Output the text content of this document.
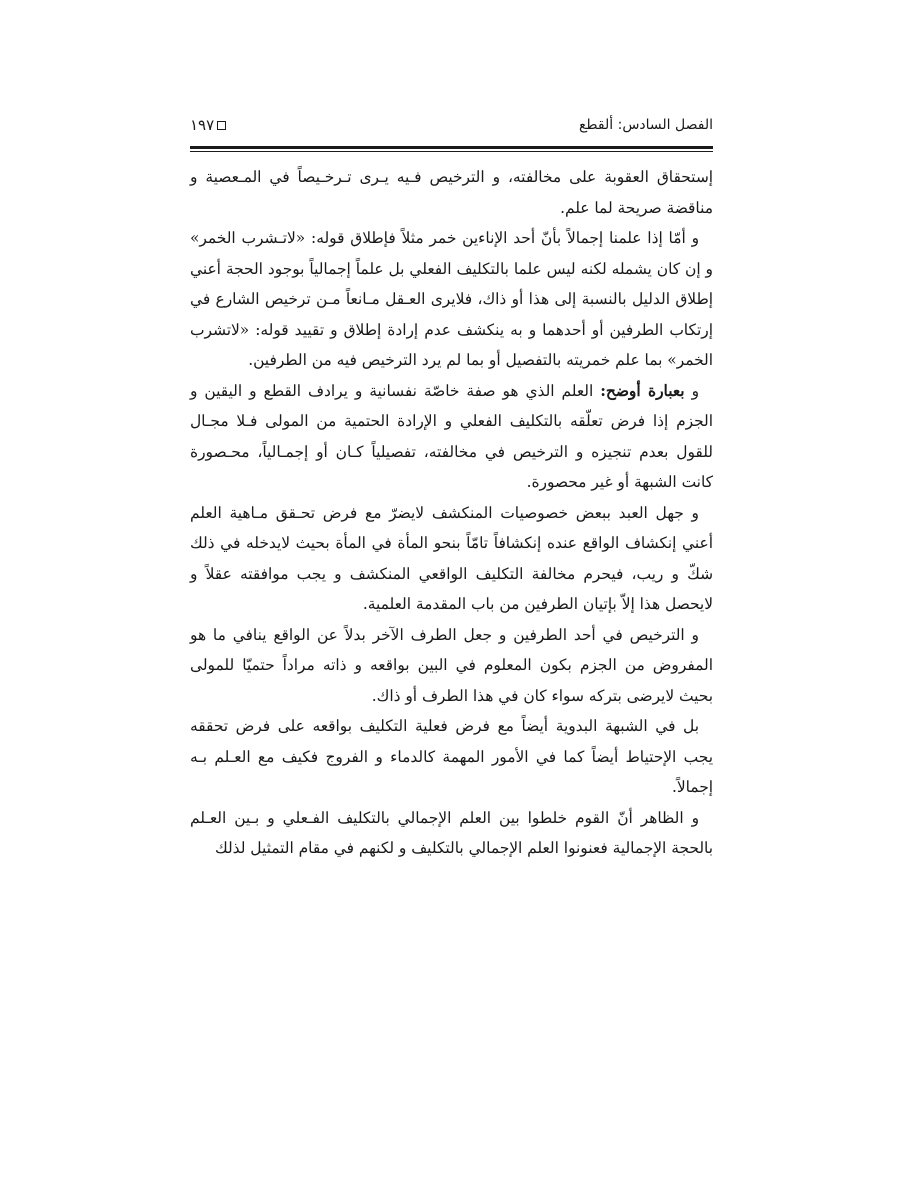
١٩٧	الفصل السادس: ألقطع

إستحقاق العقوبة على مخالفته، و الترخيص فـيه يـرى تـرخـيصاً في المـعصية و مناقضة صريحة لما علم.

و أمّا إذا علمنا إجمالاً بأنّ أحد الإناءين خمر مثلاً فإطلاق قوله: «لاتـشرب الخمر» و إن كان يشمله لكنه ليس علما بالتكليف الفعلي بل علماً إجمالياً بوجود الحجة أعني إطلاق الدليل بالنسبة إلى هذا أو ذاك، فلايرى العـقل مـانعاً مـن ترخيص الشارع في إرتكاب الطرفين أو أحدهما و به ينكشف عدم إرادة إطلاق و تقييد قوله: «لاتشرب الخمر» بما علم خمريته بالتفصيل أو بما لم يرد الترخيص فيه من الطرفين.

و بعبارة أوضح: العلم الذي هو صفة خاصّة نفسانية و يرادف القطع و اليقين و الجزم إذا فرض تعلّقه بالتكليف الفعلي و الإرادة الحتمية من المولى فـلا مجـال للقول بعدم تنجيزه و الترخيص في مخالفته، تفصيلياً كـان أو إجمـالياً، محـصورة كانت الشبهة أو غير محصورة.

و جهل العبد ببعض خصوصيات المنكشف لايضرّ مع فرض تحـقق مـاهية العلم أعني إنكشاف الواقع عنده إنكشافاً تامّاً بنحو المأة في المأة بحيث لايدخله في ذلك شكّ و ريب، فيحرم مخالفة التكليف الواقعي المنكشف و يجب موافقته عقلاً و لايحصل هذا إلاّ بإتيان الطرفين من باب المقدمة العلمية.

و الترخيص في أحد الطرفين و جعل الطرف الآخر بدلاً عن الواقع ينافي ما هو المفروض من الجزم بكون المعلوم في البين بواقعه و ذاته مراداً حتميّا للمولى بحيث لايرضى بتركه سواء كان في هذا الطرف أو ذاك.

بل في الشبهة البدوية أيضاً مع فرض فعلية التكليف بواقعه على فرض تحققه يجب الإحتياط أيضاً كما في الأمور المهمة كالدماء و الفروج فكيف مع العـلم بـه إجمالاً.

و الظاهر أنّ القوم خلطوا بين العلم الإجمالي بالتكليف الفـعلي و بـين العـلم بالحجة الإجمالية فعنونوا العلم الإجمالي بالتكليف و لكنهم في مقام التمثيل لذلك
